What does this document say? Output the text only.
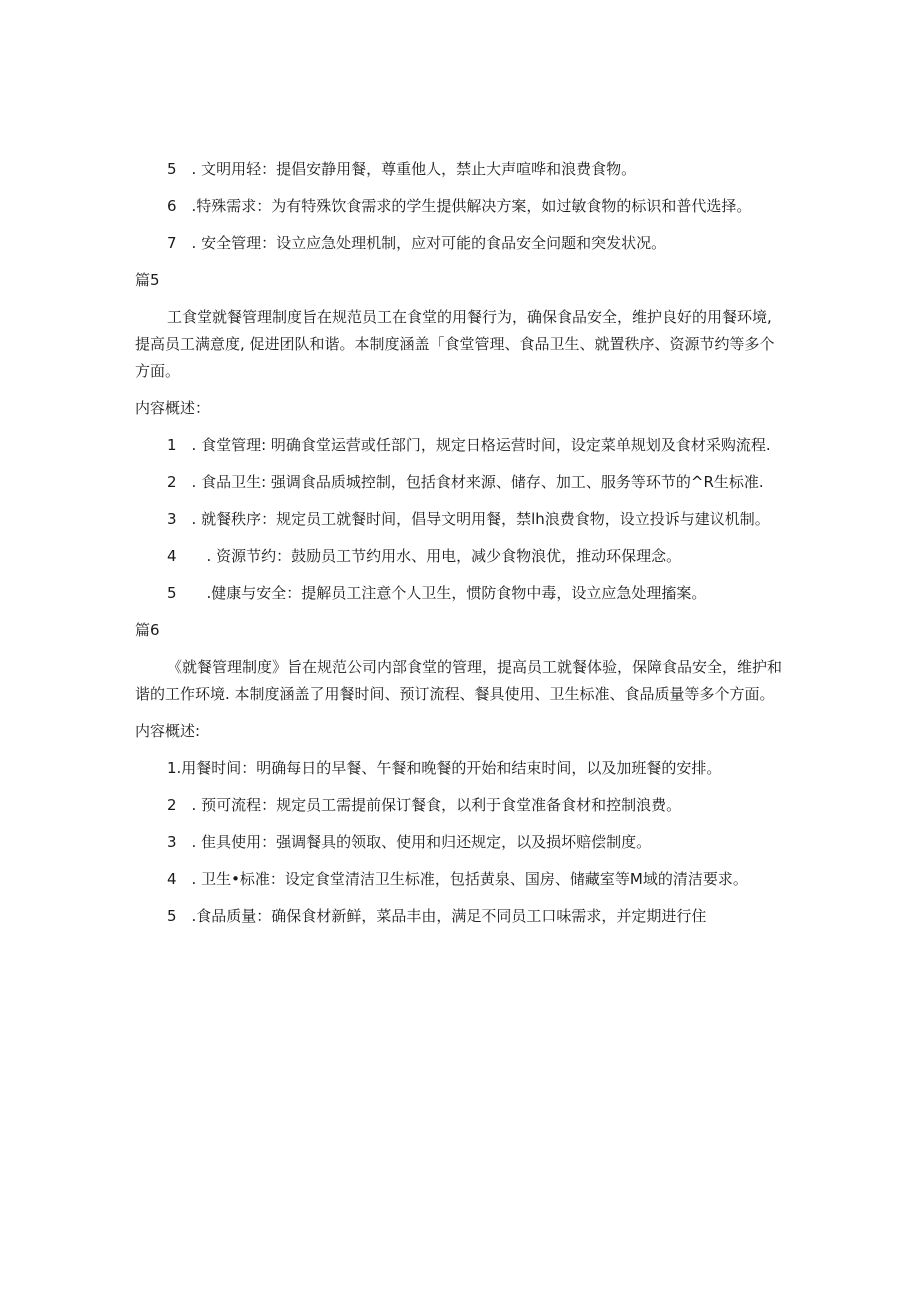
5　. 文明用轻：提倡安静用餐，尊重他人，禁止大声喧哗和浪费食物。

6　.特殊需求：为有特殊饮食需求的学生提供解决方案，如过敏食物的标识和普代选择。

7　. 安全管理：设立应急处理机制，应对可能的食品安全问题和突发状况。

篇5

工食堂就餐管理制度旨在规范员工在食堂的用餐行为，确保食品安全，维护良好的用餐环境, 提高员工满意度, 促进团队和谐。本制度涵盖「食堂管理、食品卫生、就置秩序、资源节约等多个方面。

内容概述：

1　. 食堂管理: 明确食堂运营或任部门，规定日格运营时间，设定菜单规划及食材采购流程.

2　. 食品卫生: 强调食品质城控制，包括食材来源、储存、加工、服务等环节的^R生标准.

3　. 就餐秩序：规定员工就餐时间，倡导文明用餐，禁lh浪费食物，设立投诉与建议机制。

4　　. 资源节约：鼓励员工节约用水、用电，减少食物浪优，推动环保理念。

5　　.健康与安全：提解员工注意个人卫生，惯防食物中毒，设立应急处理搐案。

篇6

《就餐管理制度》旨在规范公司内部食堂的管理，提高员工就餐体验，保障食品安全，维护和谐的工作环境. 本制度涵盖了用餐时间、预订流程、餐具使用、卫生标准、食品质量等多个方面。

内容概述:

1.用餐时间：明确每日的早餐、午餐和晚餐的开始和结束时间，以及加班餐的安排。

2　. 预可流程：规定员工需提前保订餐食，以利于食堂准备食材和控制浪费。

3　. 隹具使用：强调餐具的领取、使用和归还规定，以及损坏赔偿制度。

4　. 卫生•标准：设定食堂清洁卫生标准，包括黄泉、国房、储藏室等M域的清洁要求。

5　.食品质量：确保食材新鲜，菜品丰由，满足不同员工口味需求，并定期进行住
